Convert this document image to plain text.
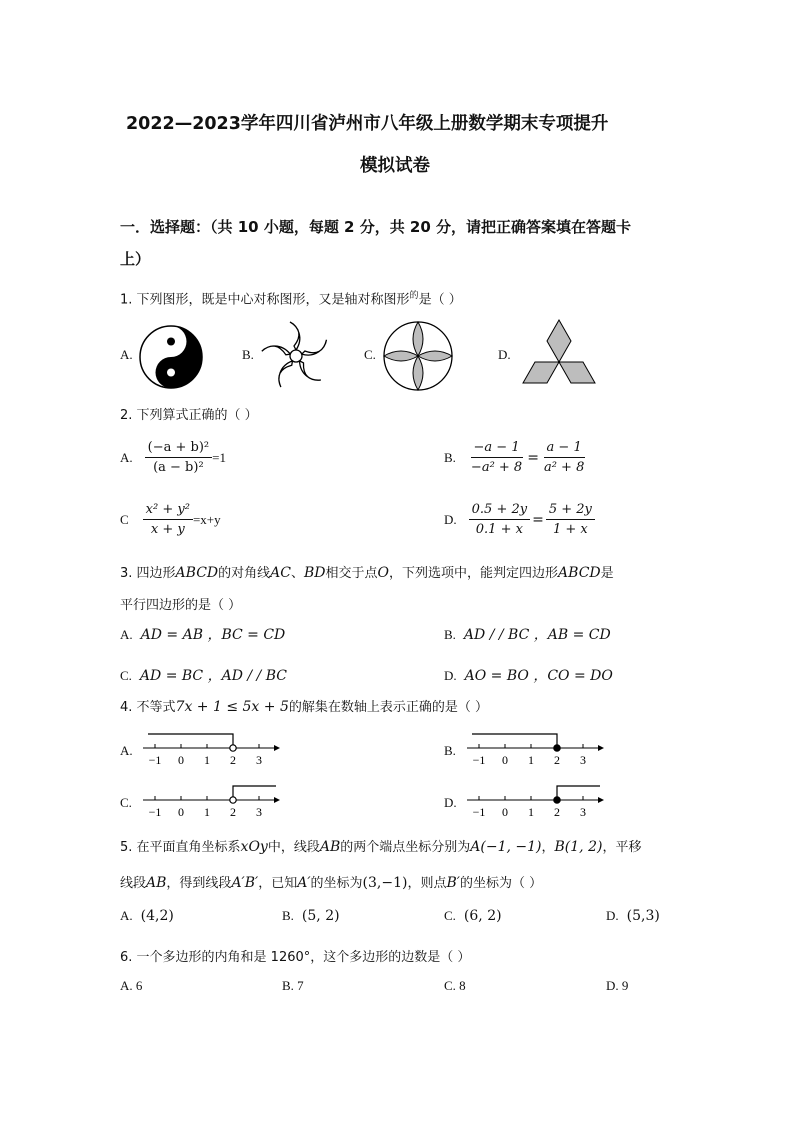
2022—2023学年四川省泸州市八年级上册数学期末专项提升
模拟试卷
一．选择题：（共 10 小题，每题 2 分，共 20 分，请把正确答案填在答题卡
上）
1. 下列图形，既是中心对称图形，又是轴对称图形$^的$是（ ）
A.	B.	C.	D.
2. 下列算式正确的（ ）
A. $\frac{\text{(−a + b)²}}{\text{(a − b)²}} =1$	B. $\frac{-a - 1}{\text{−a² + 8}} = \frac{a - 1}{\text{a² + 8}}$
C $\frac{\text{x² + y²}}{x + y} =x+y$	D. $\frac{0.5 + 2y}{0.1 + x} = \frac{5 + 2y}{1 + x}$
3. 四边形ABCD的对角线AC、BD相交于点O，下列选项中，能判定四边形ABCD是
平行四边形的是（ ）
A. AD = AB ，BC = CD	B. AD / / BC ，AB = CD
C. AD = BC ，AD / / BC	D. AO = BO ，CO = DO
4. 不等式7x + 1 ≤ 5x + 5的解集在数轴上表示正确的是（ ）
A.
−1 0 1 2 3
B.
−1 0 1 2 3
C.
−1 0 1 2 3
D.
−1 0 1 2 3
5. 在平面直角坐标系xOy中，线段AB的两个端点坐标分别为A(−1, −1)，B(1, 2)，平移
线段AB，得到线段A′B′，已知A′的坐标为(3,−1)，则点B′的坐标为（ ）
A. (4,2)	B. (5, 2)	C. (6, 2)	D. (5,3)
6. 一个多边形的内角和是 1260°，这个多边形的边数是（ ）
A. 6	B. 7	C. 8	D. 9
